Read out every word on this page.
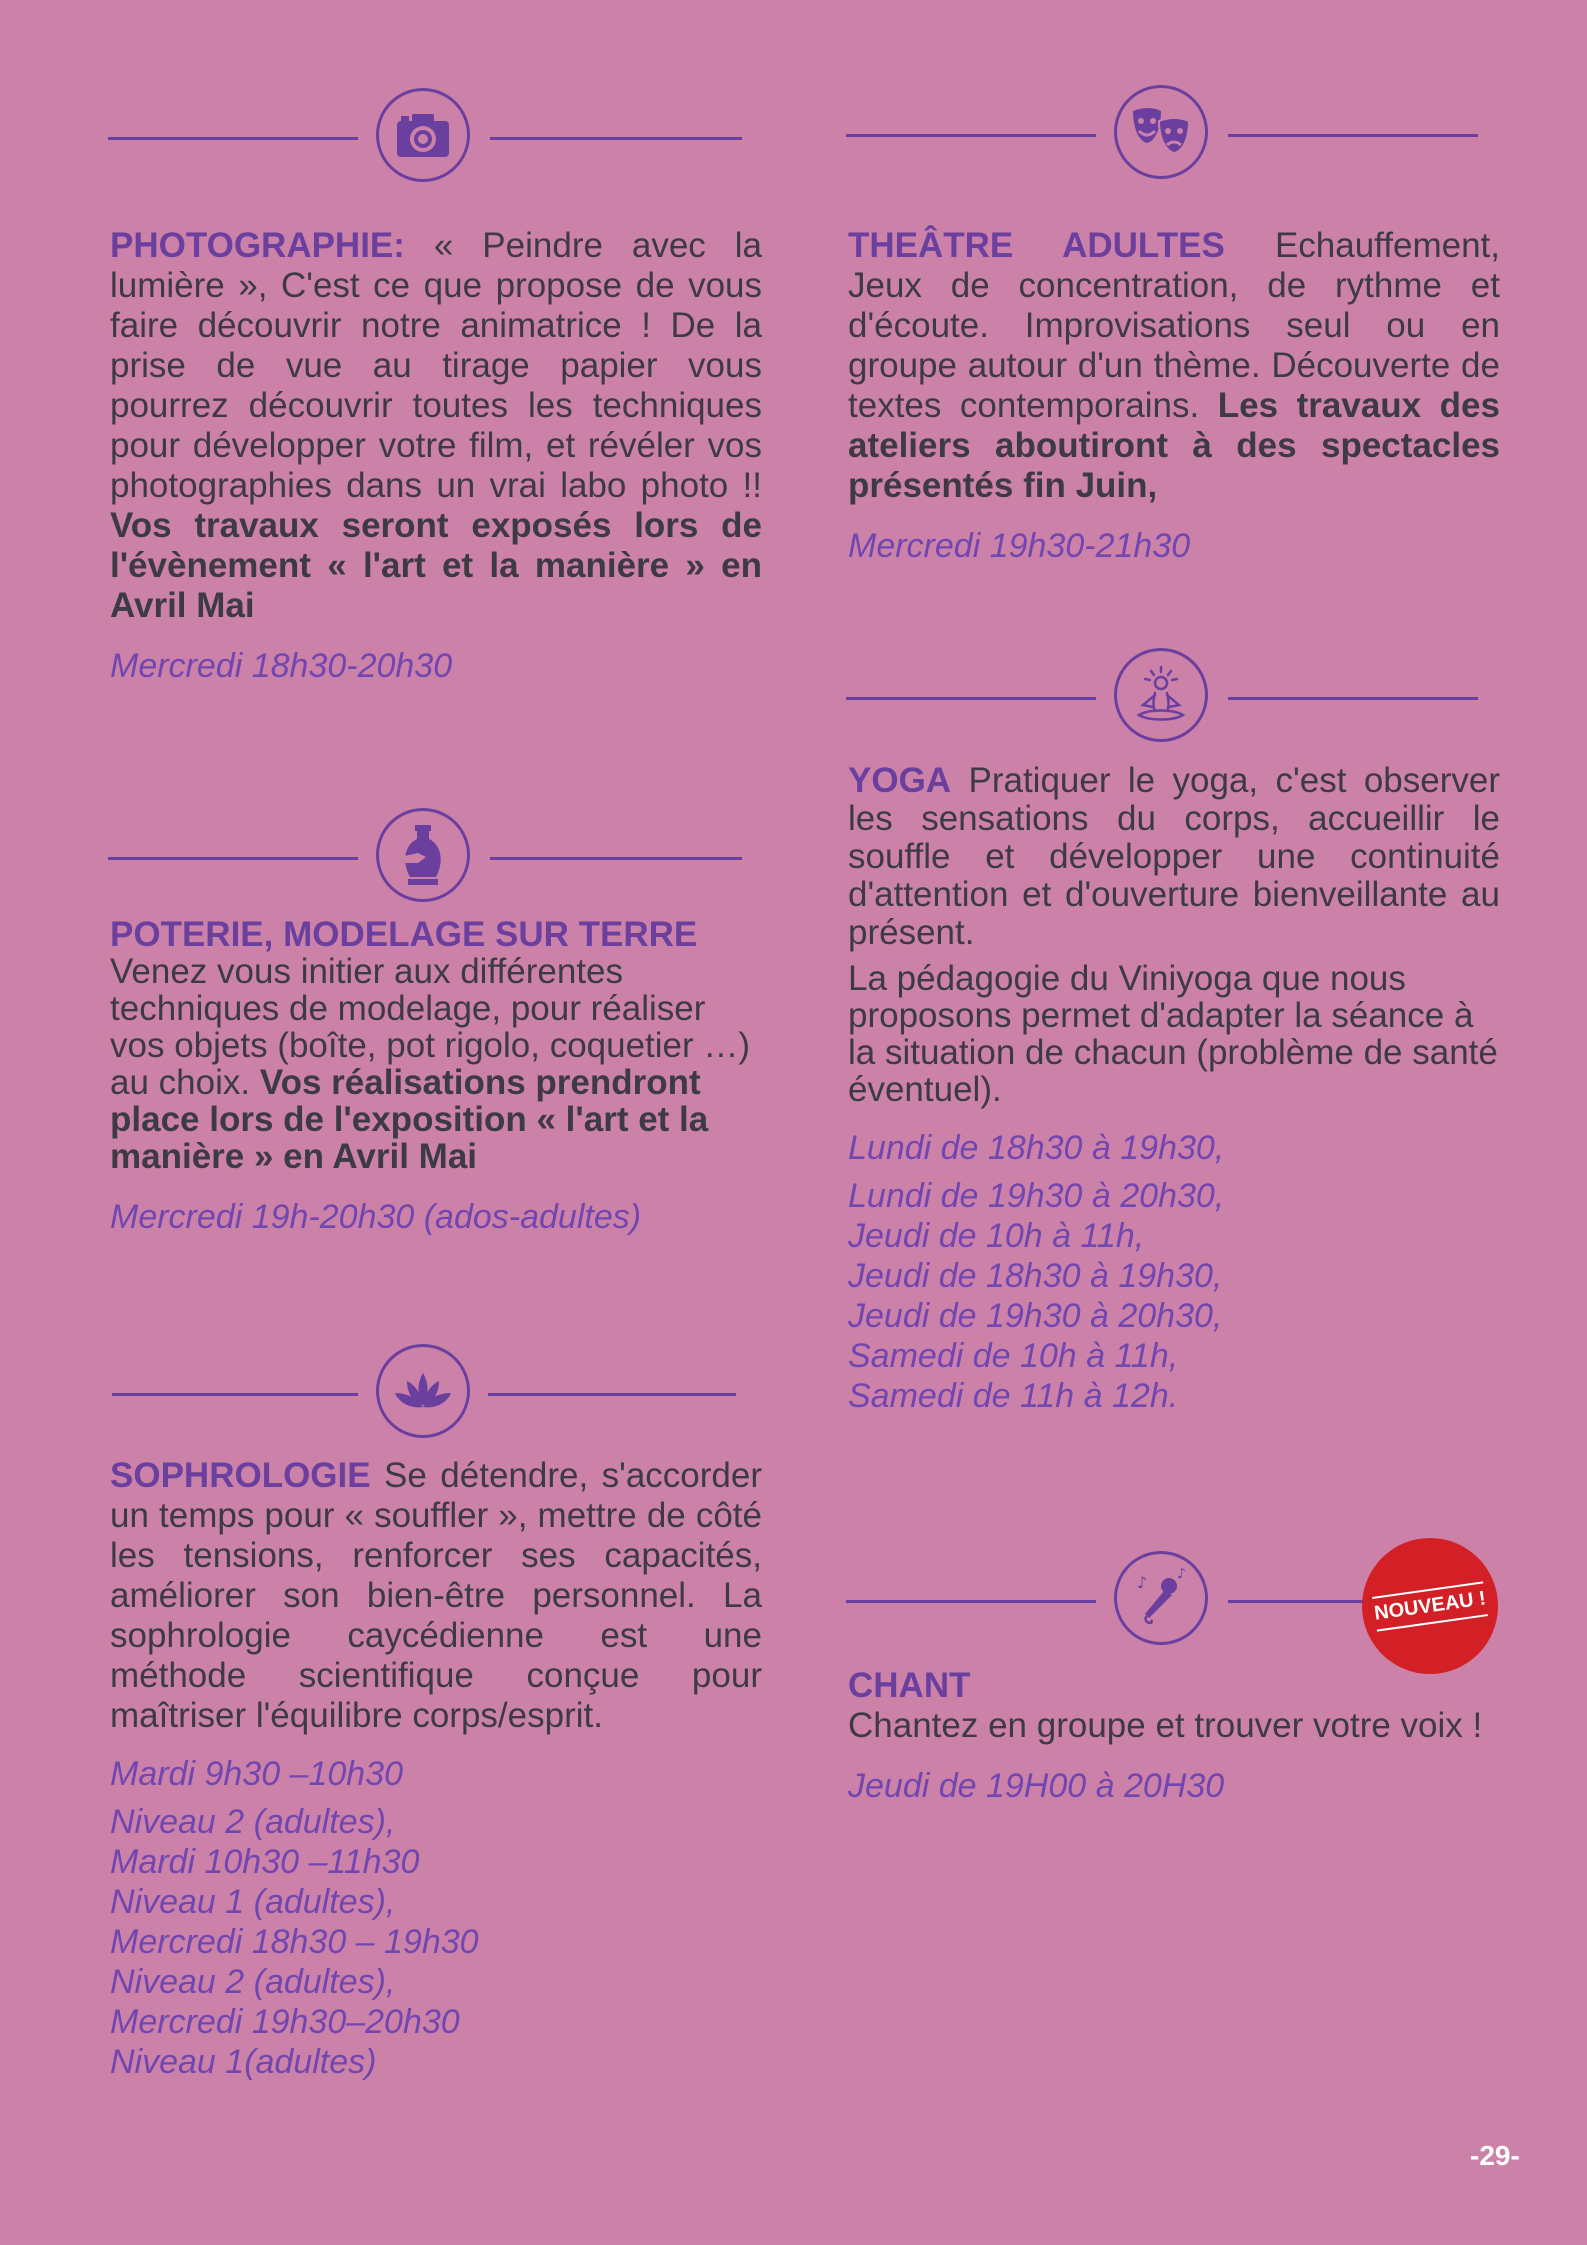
PHOTOGRAPHIE: « Peindre avec la lumière », C'est ce que propose de vous faire découvrir notre animatrice ! De la prise de vue au tirage papier vous pourrez découvrir toutes les techniques pour développer votre film, et révéler vos photographies dans un vrai labo photo !! Vos travaux seront exposés lors de l'évènement « l'art et la manière » en Avril Mai

Mercredi 18h30-20h30

POTERIE, MODELAGE SUR TERRE
Venez vous initier aux différentes techniques de modelage, pour réaliser vos objets (boîte, pot rigolo, coquetier …) au choix. Vos réalisations prendront place lors de l'exposition « l'art et la manière » en Avril Mai

Mercredi 19h-20h30 (ados-adultes)

SOPHROLOGIE Se détendre, s'accorder un temps pour « souffler », mettre de côté les tensions, renforcer ses capacités, améliorer son bien-être personnel. La sophrologie caycédienne est une méthode scientifique conçue pour maîtriser l'équilibre corps/esprit.

Mardi 9h30 –10h30
Niveau 2 (adultes),
Mardi 10h30 –11h30
Niveau 1 (adultes),
Mercredi 18h30 – 19h30
Niveau 2 (adultes),
Mercredi 19h30–20h30
Niveau 1(adultes)

THEÂTRE ADULTES Echauffement, Jeux de concentration, de rythme et d'écoute. Improvisations seul ou en groupe autour d'un thème. Découverte de textes contemporains. Les travaux des ateliers aboutiront à des spectacles présentés fin Juin,

Mercredi 19h30-21h30

YOGA Pratiquer le yoga, c'est observer les sensations du corps, accueillir le souffle et développer une continuité d'attention et d'ouverture bienveillante au présent.

La pédagogie du Viniyoga que nous proposons permet d'adapter la séance à la situation de chacun (problème de santé éventuel).

Lundi de 18h30 à 19h30,
Lundi de 19h30 à 20h30,
Jeudi de 10h à 11h,
Jeudi de 18h30 à 19h30,
Jeudi de 19h30 à 20h30,
Samedi de 10h à 11h,
Samedi de 11h à 12h.
♪ ♪
NOUVEAU !

CHANT
Chantez en groupe et trouver votre voix !

Jeudi de 19H00 à 20H30
-29-
